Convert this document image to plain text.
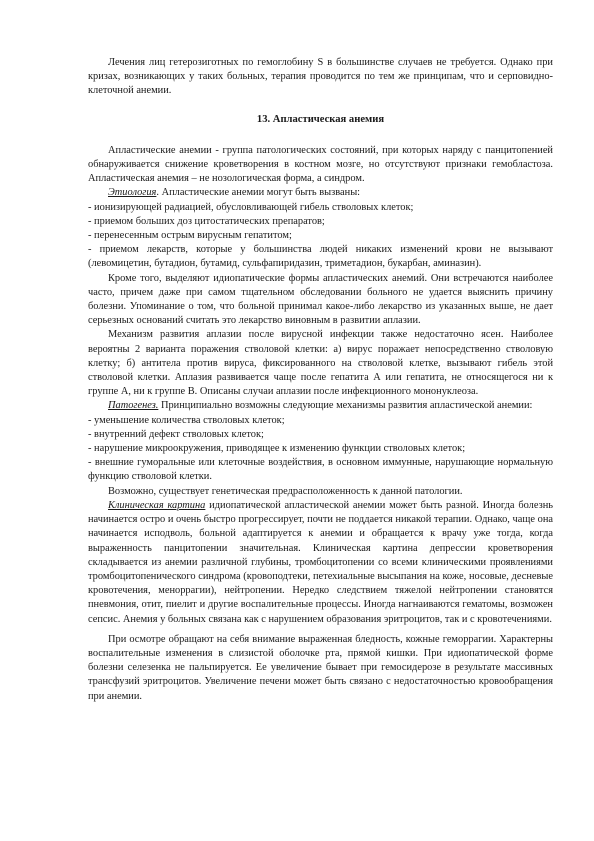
Лечения лиц гетерозиготных по гемоглобину S в большинстве случаев не требуется. Однако при кризах, возникающих у таких больных, терапия проводится по тем же принципам, что и серповидно-клеточной анемии.

13. Апластическая анемия

Апластические анемии - группа патологических состояний, при которых наряду с панцитопенией обнаруживается снижение кроветворения в костном мозге, но отсутствуют признаки гемобластоза. Апластическая анемия – не нозологическая форма, а синдром.

Этиология. Апластические анемии могут быть вызваны:

- ионизирующей радиацией, обусловливающей гибель стволовых клеток;

- приемом больших доз цитостатических препаратов;

- перенесенным острым вирусным гепатитом;

- приемом лекарств, которые у большинства людей никаких изменений крови не вызывают (левомицетин, бутадион, бутамид, сульфапиридазин, триметадион, букарбан, аминазин).

Кроме того, выделяют идиопатические формы апластических анемий. Они встречаются наиболее часто, причем даже при самом тщательном обследовании больного не удается выяснить причину болезни. Упоминание о том, что больной принимал какое-либо лекарство из указанных выше, не дает серьезных оснований считать это лекарство виновным в развитии аплазии.

Механизм развития аплазии после вирусной инфекции также недостаточно ясен. Наиболее вероятны 2 варианта поражения стволовой клетки: а) вирус поражает непосредственно стволовую клетку; б) антитела против вируса, фиксированного на стволовой клетке, вызывают гибель этой стволовой клетки. Аплазия развивается чаще после гепатита А или гепатита, не относящегося ни к группе А, ни к группе В. Описаны случаи аплазии после инфекционного мононуклеоза.

Патогенез. Принципиально возможны следующие механизмы развития апластической анемии:

- уменьшение количества стволовых клеток;

- внутренний дефект стволовых клеток;

- нарушение микроокружения, приводящее к изменению функции стволовых клеток;

- внешние гуморальные или клеточные воздействия, в основном иммунные, нарушающие нормальную функцию стволовой клетки.

Возможно, существует генетическая предрасположенность к данной патологии.

Клиническая картина идиопатической апластической анемии может быть разной. Иногда болезнь начинается остро и очень быстро прогрессирует, почти не поддается никакой терапии. Однако, чаще она начинается исподволь, больной адаптируется к анемии и обращается к врачу уже тогда, когда выраженность панцитопении значительная. Клиническая картина депрессии кроветворения складывается из анемии различной глубины, тромбоцитопении со всеми клиническими проявлениями тромбоцитопенического синдрома (кровоподтеки, петехиальные высыпания на коже, носовые, десневые кровотечения, меноррагии), нейтропении. Нередко следствием тяжелой нейтропении становятся пневмония, отит, пиелит и другие воспалительные процессы. Иногда нагнаиваются гематомы, возможен сепсис. Анемия у больных связана как с нарушением образования эритроцитов, так и с кровотечениями.

При осмотре обращают на себя внимание выраженная бледность, кожные геморрагии. Характерны воспалительные изменения в слизистой оболочке рта, прямой кишки. При идиопатической форме болезни селезенка не пальпируется. Ее увеличение бывает при гемосидерозе в результате массивных трансфузий эритроцитов. Увеличение печени может быть связано с недостаточностью кровообращения при анемии.
